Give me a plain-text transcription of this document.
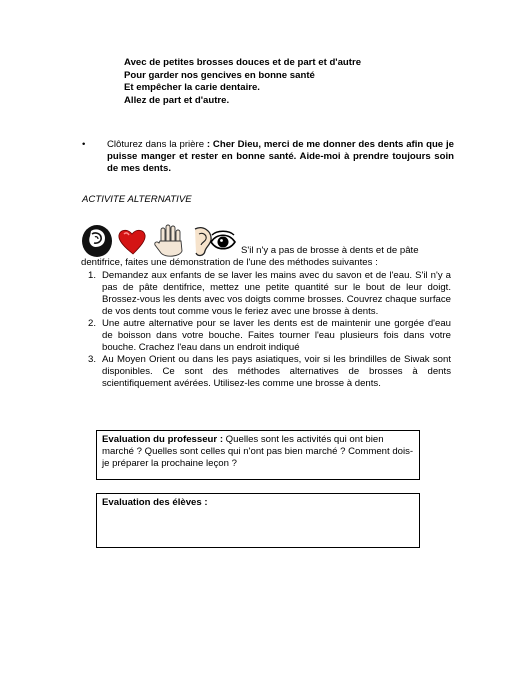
Avec de petites brosses douces et de part et d'autre
Pour garder nos gencives en bonne santé
Et empêcher la carie dentaire.
Allez de part et d'autre.
• Clôturez dans la prière : Cher Dieu, merci de me donner des dents afin que je puisse manger et rester en bonne santé. Aide-moi à prendre toujours soin de mes dents.
ACTIVITE ALTERNATIVE
S'il n'y a pas de brosse à dents et de pâte
dentifrice, faites une démonstration de l'une des méthodes suivantes :
1. Demandez aux enfants de se laver les mains avec du savon et de l'eau. S'il n'y a pas de pâte dentifrice, mettez une petite quantité sur le bout de leur doigt. Brossez-vous les dents avec vos doigts comme brosses. Couvrez chaque surface de vos dents tout comme vous le feriez avec une brosse à dents.
2. Une autre alternative pour se laver les dents est de maintenir une gorgée d'eau de boisson dans votre bouche. Faites tourner l'eau plusieurs fois dans votre bouche. Crachez l'eau dans un endroit indiqué
3. Au Moyen Orient ou dans les pays asiatiques, voir si les brindilles de Siwak sont disponibles. Ce sont des méthodes alternatives de brosses à dents scientifiquement avérées. Utilisez-les comme une brosse à dents.
Evaluation du professeur : Quelles sont les activités qui ont bien marché ? Quelles sont celles qui n'ont pas bien marché ? Comment dois-je préparer la prochaine leçon ?
Evaluation des élèves :
